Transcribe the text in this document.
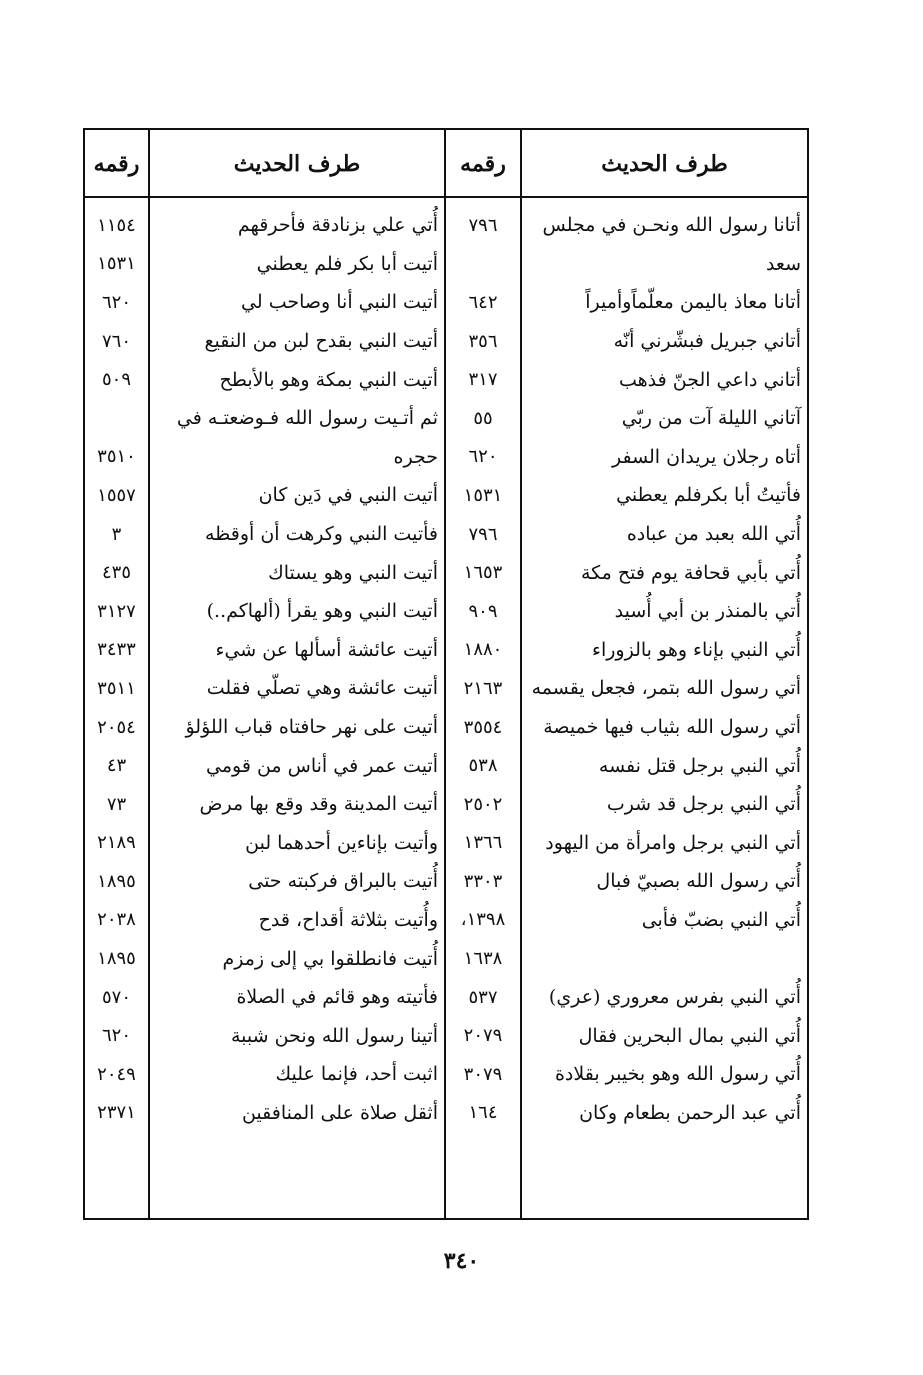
طرف الحديث
رقمه
طرف الحديث
رقمه
أتانا رسول الله ونحـن في مجلس
٧٩٦
أُتي علي بزنادقة فأحرقهم
١١٥٤
سعد
أتيت أبا بكر فلم يعطني
١٥٣١
أتانا معاذ باليمن معلّماًوأميراً
٦٤٢
أتيت النبي أنا وصاحب لي
٦٢٠
أتاني جبريل فبشّرني أنّه
٣٥٦
أتيت النبي بقدح لبن من النقيع
٧٦٠
أتاني داعي الجنّ فذهب
٣١٧
أتيت النبي بمكة وهو بالأبطح
٥٠٩
آتاني الليلة آت من ربّي
٥٥
ثم أتـيت رسول الله فـوضعتـه في
أتاه رجلان يريدان السفر
٦٢٠
حجره
٣٥١٠
فأتيتُ أبا بكرفلم يعطني
١٥٣١
أتيت النبي في دَين كان
١٥٥٧
أُتي الله بعبد من عباده
٧٩٦
فأتيت النبي وكرهت أن أوقظه
٣
أُتي بأبي قحافة يوم فتح مكة
١٦٥٣
أتيت النبي وهو يستاك
٤٣٥
أُتي بالمنذر بن أبي أُسيد
٩٠٩
أتيت النبي وهو يقرأ (ألهاكم..)
٣١٢٧
أُتي النبي بإناء وهو بالزوراء
١٨٨٠
أتيت عائشة أسألها عن شيء
٣٤٣٣
أتي رسول الله بتمر، فجعل يقسمه
٢١٦٣
أتيت عائشة وهي تصلّي فقلت
٣٥١١
أتي رسول الله بثياب فيها خميصة
٣٥٥٤
أتيت على نهر حافتاه قباب اللؤلؤ
٢٠٥٤
أُتي النبي برجل قتل نفسه
٥٣٨
أتيت عمر في أناس من قومي
٤٣
أُتي النبي برجل قد شرب
٢٥٠٢
أتيت المدينة وقد وقع بها مرض
٧٣
أتي النبي برجل وامرأة من اليهود
١٣٦٦
وأتيت بإناءين أحدهما لبن
٢١٨٩
أُتي رسول الله بصبيّ فبال
٣٣٠٣
أُتيت بالبراق فركبته حتى
١٨٩٥
أُتي النبي بضبّ فأبى
١٣٩٨،
وأُتيت بثلاثة أقداح، قدح
٢٠٣٨
١٦٣٨
أُتيت فانطلقوا بي إلى زمزم
١٨٩٥
أُتي النبي بفرس معروري (عري)
٥٣٧
فأتيته وهو قائم في الصلاة
٥٧٠
أُتي النبي بمال البحرين فقال
٢٠٧٩
أتينا رسول الله ونحن شببة
٦٢٠
أُتي رسول الله وهو بخيبر بقلادة
٣٠٧٩
اثبت أحد، فإنما عليك
٢٠٤٩
أُتي عبد الرحمن بطعام وكان
١٦٤
أثقل صلاة على المنافقين
٢٣٧١
٣٤٠
